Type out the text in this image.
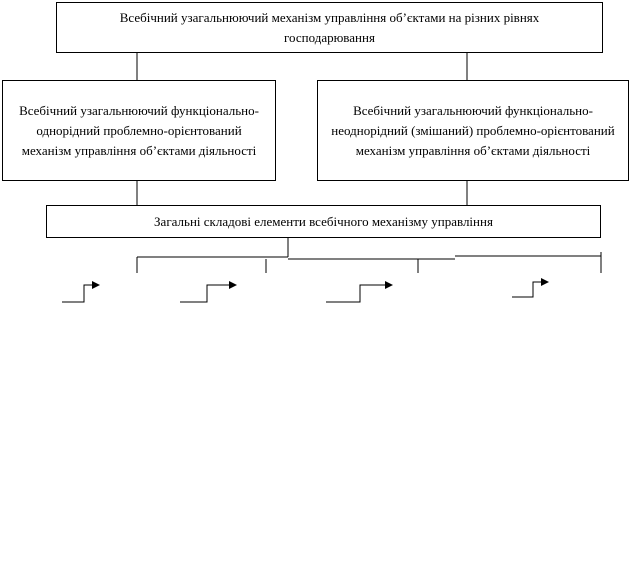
Всебічний узагальнюючий механізм управління об’єктами на різних рівнях господарювання
Всебічний узагальнюючий функціонально-однорідний проблемно-орієнтований механізм управління об’єктами діяльності
Всебічний узагальнюючий функціонально-неоднорідний (змішаний) проблемно-орієнтований механізм управління об’єктами діяльності
Загальні складові елементи всебічного механізму управління
